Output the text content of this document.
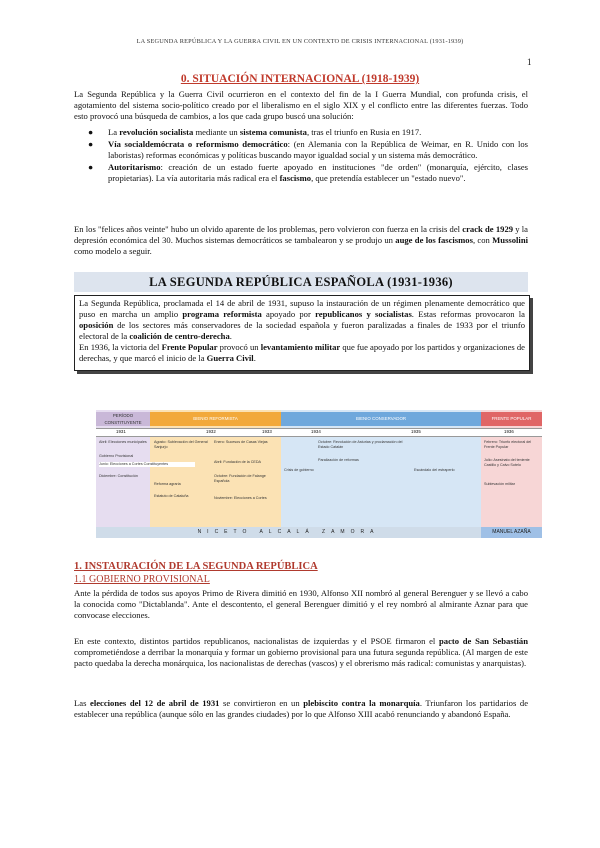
LA SEGUNDA REPÚBLICA Y LA GUERRA CIVIL EN UN CONTEXTO DE CRISIS INTERNACIONAL (1931-1939)
1
0. SITUACIÓN INTERNACIONAL (1918-1939)
La Segunda República y la Guerra Civil ocurrieron en el contexto del fin de la I Guerra Mundial, con profunda crisis, el agotamiento del sistema socio-político creado por el liberalismo en el siglo XIX y el conflicto entre las diferentes fuerzas. Todo esto provocó una búsqueda de cambios, a los que cada grupo buscó una solución:
● La revolución socialista mediante un sistema comunista, tras el triunfo en Rusia en 1917.
● Vía socialdemócrata o reformismo democrático: (en Alemania con la República de Weimar, en R. Unido con los laboristas) reformas económicas y políticas buscando mayor igualdad social y un sistema más democrático.
● Autoritarismo: creación de un estado fuerte apoyado en instituciones "de orden" (monarquía, ejército, clases propietarias). La vía autoritaria más radical era el fascismo, que pretendía establecer un "estado nuevo".
En los "felices años veinte" hubo un olvido aparente de los problemas, pero volvieron con fuerza en la crisis del crack de 1929 y la depresión económica del 30. Muchos sistemas democráticos se tambalearon y se produjo un auge de los fascismos, con Mussolini como modelo a seguir.
LA SEGUNDA REPÚBLICA ESPAÑOLA (1931-1936)

La Segunda República, proclamada el 14 de abril de 1931, supuso la instauración de un régimen plenamente democrático que puso en marcha un amplio programa reformista apoyado por republicanos y socialistas. Estas reformas provocaron la oposición de los sectores más conservadores de la sociedad española y fueron paralizadas a finales de 1933 por el triunfo electoral de la coalición de centro-derecha.

En 1936, la victoria del Frente Popular provocó un levantamiento militar que fue apoyado por los partidos y organizaciones de derechas, y que marcó el inicio de la Guerra Civil.

PERÍODO CONSTITUYENTE
BIENIO REFORMISTA	BIENIO CONSERVADOR	FRENTE POPULAR
1931	1932	1933	1934	1935	1936
Abril: Elecciones municipales
Gobierno Provisional
Junio: Elecciones a Cortes Constituyentes
Diciembre: Constitución
Agosto: Sublevación del General Sanjurjo
Reforma agraria
Estatuto de Cataluña
Enero: Sucesos de Casas Viejas
Abril: Fundación de la CEDA
Octubre: Fundación de Falange Española
Noviembre: Elecciones a Cortes
Octubre: Revolución de Asturias y proclamación del Estado Catalán
Paralización de reformas
Crisis de gobierno	Escándalo del estraperlo
Febrero: Triunfo electoral del Frente Popular
Julio: Asesinato del teniente Castillo y Calvo Sotelo
Sublevación militar
NICETO ALCALÁ ZAMORA	MANUEL AZAÑA
1. INSTAURACIÓN DE LA SEGUNDA REPÚBLICA
1.1 GOBIERNO PROVISIONAL
Ante la pérdida de todos sus apoyos Primo de Rivera dimitió en 1930, Alfonso XII nombró al general Berenguer y se llevó a cabo la conocida como "Dictablanda". Ante el descontento, el general Berenguer dimitió y el rey nombró al almirante Aznar para que convocase elecciones.
En este contexto, distintos partidos republicanos, nacionalistas de izquierdas y el PSOE firmaron el pacto de San Sebastián comprometiéndose a derribar la monarquía y formar un gobierno provisional para una futura segunda república. (Al margen de este pacto quedaba la derecha monárquica, los nacionalistas de derechas (vascos) y el obrerismo más radical: comunistas y anarquistas).
Las elecciones del 12 de abril de 1931 se convirtieron en un plebiscito contra la monarquía. Triunfaron los partidarios de establecer una república (aunque sólo en las grandes ciudades) por lo que Alfonso XIII acabó renunciando y abandonó España.
